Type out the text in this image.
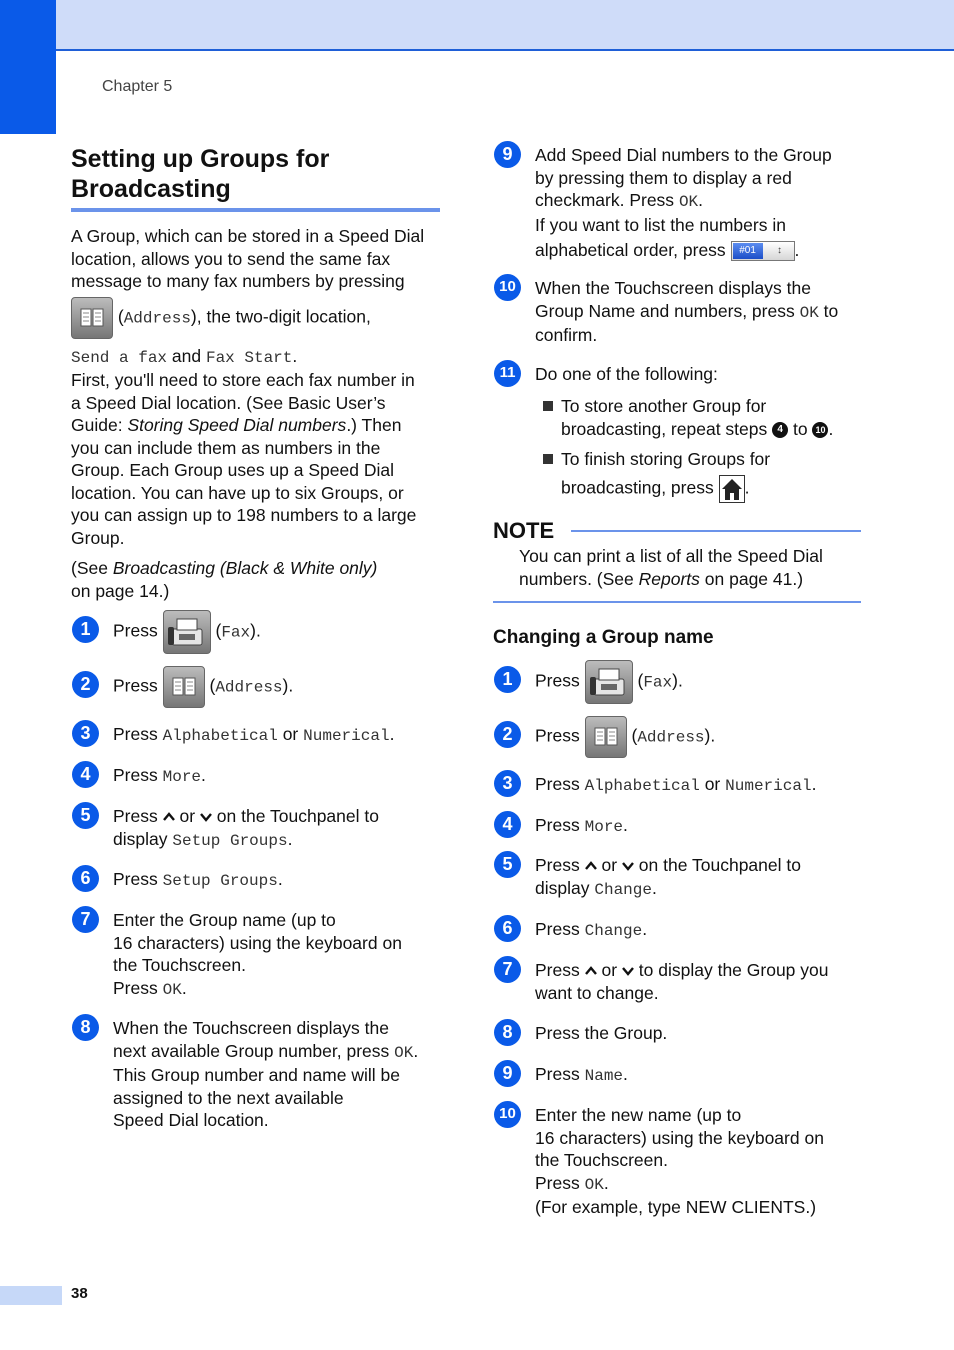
Chapter 5
38
Setting up Groups for
Broadcasting
A Group, which can be stored in a Speed Dial
location, allows you to send the same fax
message to many fax numbers by pressing
(Address), the two-digit location,
Send a fax and Fax Start.
First, you'll need to store each fax number in
a Speed Dial location. (See Basic User’s
Guide: Storing Speed Dial numbers.) Then
you can include them as numbers in the
Group. Each Group uses up a Speed Dial
location. You can have up to six Groups, or
you can assign up to 198 numbers to a large
Group.
(See Broadcasting (Black & White only)
on page 14.)
1	Press	(Fax).
2	Press	(Address).
3	Press Alphabetical or Numerical.
4	Press More.
5	Press or on the Touchpanel to
display Setup Groups.
6	Press Setup Groups.
7	Enter the Group name (up to
16 characters) using the keyboard on
the Touchscreen.
Press OK.
8	When the Touchscreen displays the
next available Group number, press OK.
This Group number and name will be
assigned to the next available
Speed Dial location.
9	Add Speed Dial numbers to the Group
by pressing them to display a red
checkmark. Press OK.
If you want to list the numbers in
alphabetical order, press	#01	↕ .
10 When the Touchscreen displays the
Group Name and numbers, press OK to
confirm.
11	Do one of the following:
To store another Group for
broadcasting, repeat steps 4 to 10 .
To finish storing Groups for
broadcasting, press .
NOTE
You can print a list of all the Speed Dial
numbers. (See Reports on page 41.)
Changing a Group name
1	Press	(Fax).
2	Press	(Address).
3	Press Alphabetical or Numerical.
4	Press More.
5	Press or on the Touchpanel to
display Change.
6	Press Change.
7	Press or to display the Group you
want to change.
8	Press the Group.
9	Press Name.
10 Enter the new name (up to
16 characters) using the keyboard on
the Touchscreen.
Press OK.
(For example, type NEW CLIENTS.)
